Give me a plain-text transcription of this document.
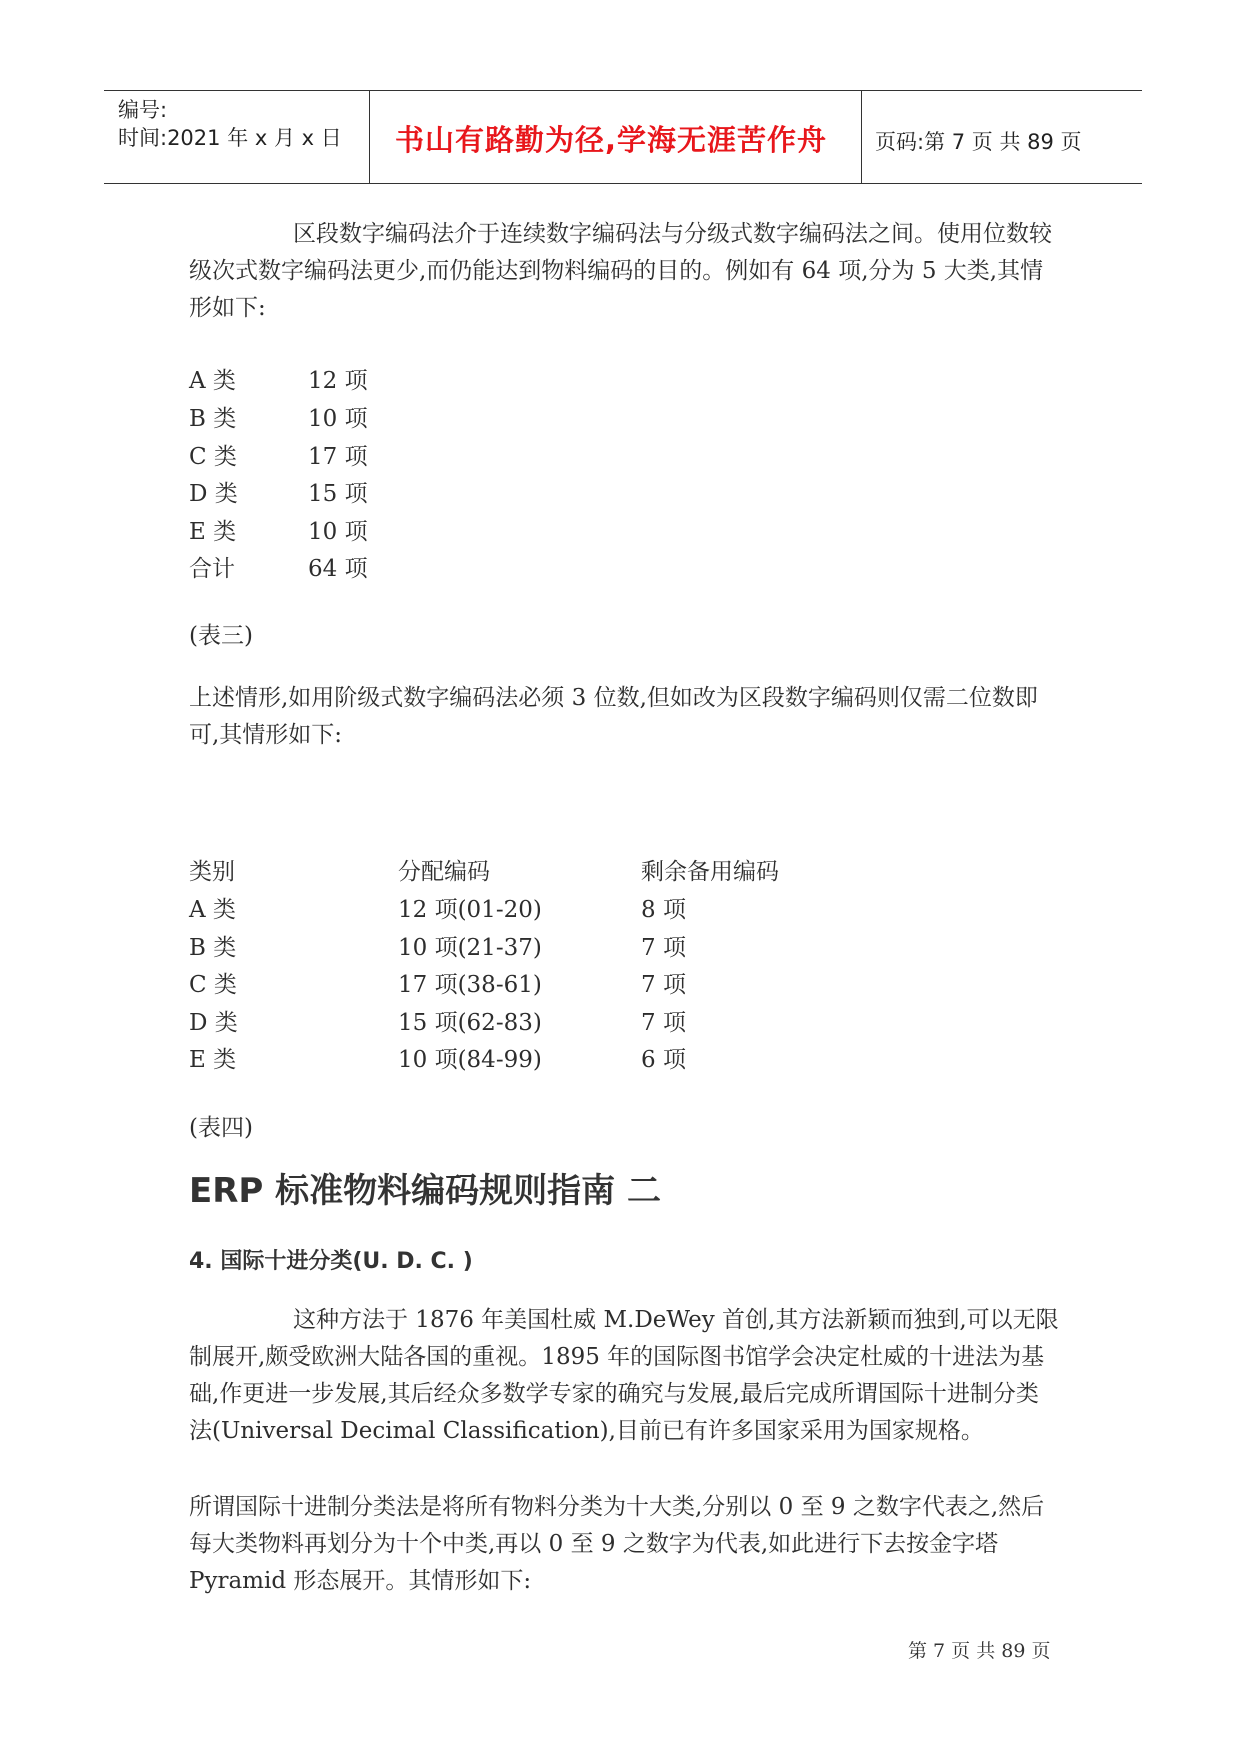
编号:
时间:2021 年 x 月 x 日 书山有路勤为径,学海无涯苦作舟 页码:第 7 页 共 89 页
区段数字编码法介于连续数字编码法与分级式数字编码法之间。使用位数较级次式数字编码法更少,而仍能达到物料编码的目的。例如有 64 项,分为 5 大类,其情形如下:
A 类	12 项
B 类	10 项
C 类	17 项
D 类	15 项
E 类	10 项
合计	64 项
(表三)
上述情形,如用阶级式数字编码法必须 3 位数,但如改为区段数字编码则仅需二位数即可,其情形如下:
类别	分配编码	剩余备用编码
A 类	12 项(01-20)	8 项
B 类	10 项(21-37)	7 项
C 类	17 项(38-61)	7 项
D 类	15 项(62-83)	7 项
E 类	10 项(84-99)	6 项
(表四)
ERP 标准物料编码规则指南 二
4. 国际十进分类(U. D. C. )
这种方法于 1876 年美国杜威 M.DeWey 首创,其方法新颖而独到,可以无限制展开,颇受欧洲大陆各国的重视。1895 年的国际图书馆学会决定杜威的十进法为基础,作更进一步发展,其后经众多数学专家的确究与发展,最后完成所谓国际十进制分类法(Universal Decimal Classification),目前已有许多国家采用为国家规格。
所谓国际十进制分类法是将所有物料分类为十大类,分别以 0 至 9 之数字代表之,然后每大类物料再划分为十个中类,再以 0 至 9 之数字为代表,如此进行下去按金字塔 Pyramid 形态展开。其情形如下:
第 7 页 共 89 页
